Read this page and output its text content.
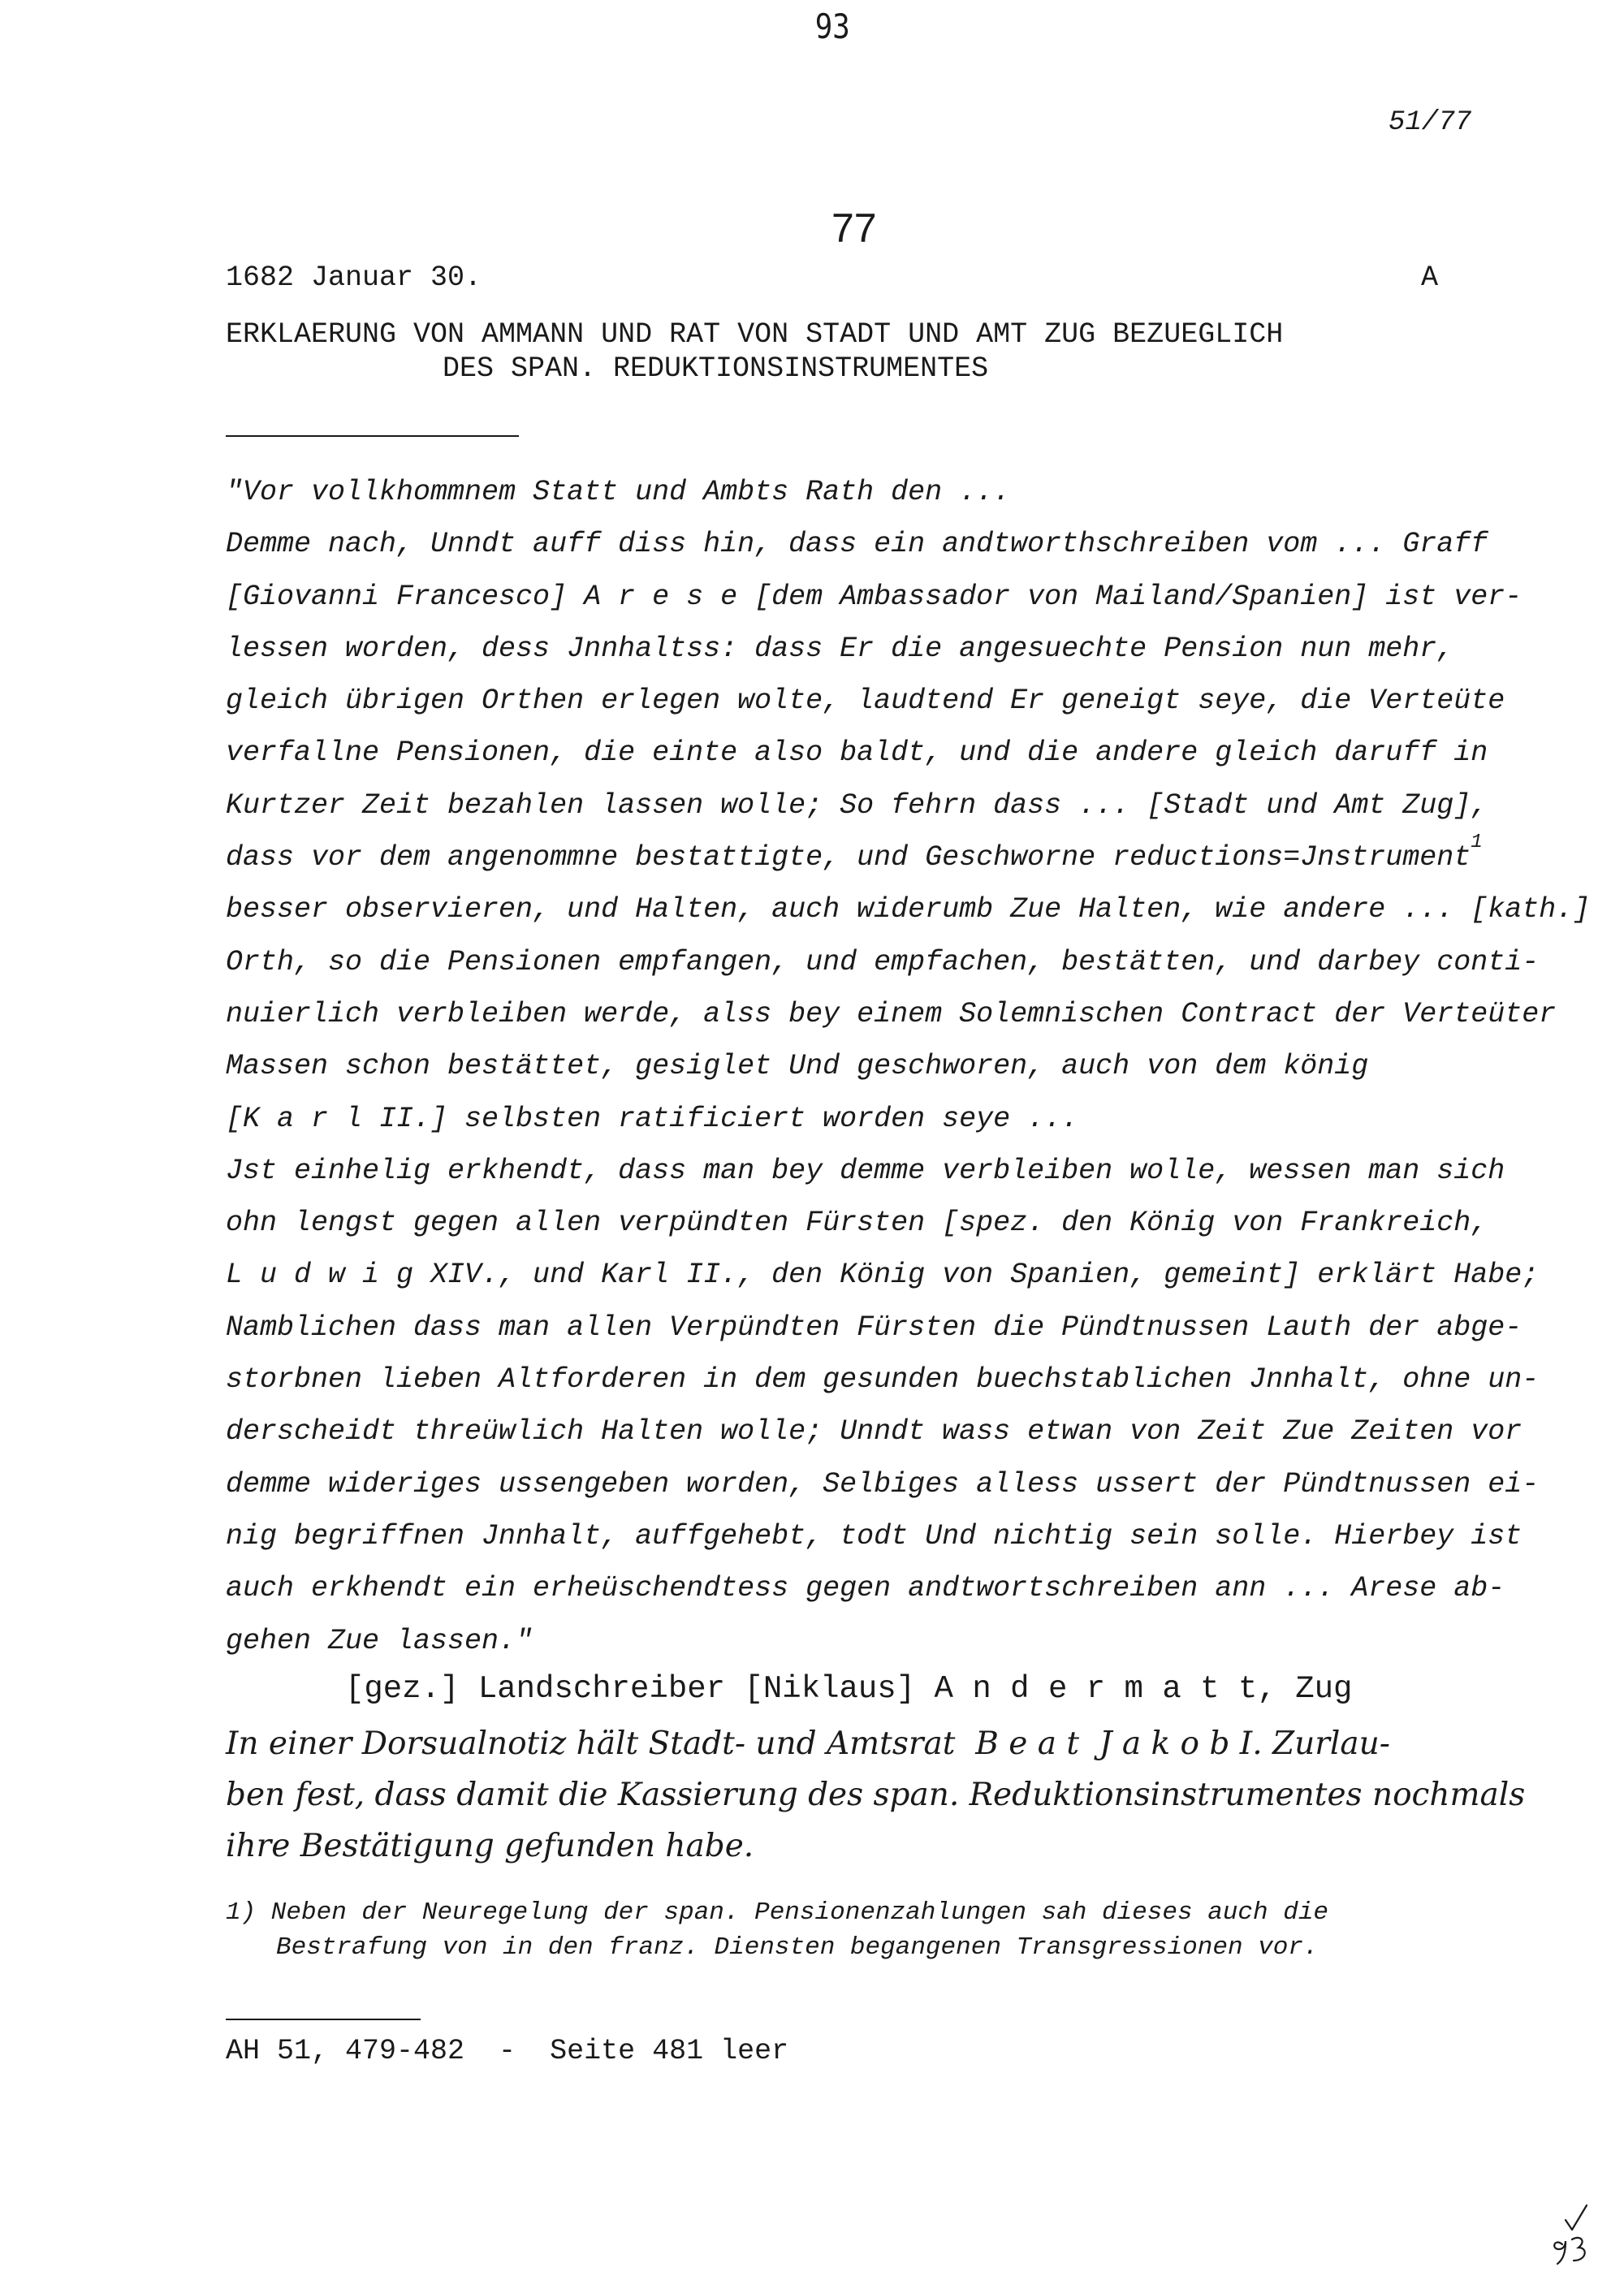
93
51/77
77
1682 Januar 30.	A
ERKLAERUNG VON AMMANN UND RAT VON STADT UND AMT ZUG BEZUEGLICH
DES SPAN. REDUKTIONSINSTRUMENTES
"Vor vollkhommnem Statt und Ambts Rath den ...
Demme nach, Unndt auff diss hin, dass ein andtworthschreiben vom ... Graff
[Giovanni Francesco] A r e s e [dem Ambassador von Mailand/Spanien] ist ver-
lessen worden, dess Jnnhaltss: dass Er die angesuechte Pension nun mehr,
gleich übrigen Orthen erlegen wolte, laudtend Er geneigt seye, die Verteüte
verfallne Pensionen, die einte also baldt, und die andere gleich daruff in
Kurtzer Zeit bezahlen lassen wolle; So fehrn dass ... [Stadt und Amt Zug],
dass vor dem angenommne bestattigte, und Geschworne reductions=Jnstrument$^1$
besser observieren, und Halten, auch widerumb Zue Halten, wie andere ... [kath.]
Orth, so die Pensionen empfangen, und empfachen, bestätten, und darbey conti-
nuierlich verbleiben werde, alss bey einem Solemnischen Contract der Verteüter
Massen schon bestättet, gesiglet Und geschworen, auch von dem könig
[K a r l II.] selbsten ratificiert worden seye ...
Jst einhelig erkhendt, dass man bey demme verbleiben wolle, wessen man sich
ohn lengst gegen allen verpündten Fürsten [spez. den König von Frankreich,
L u d w i g XIV., und Karl II., den König von Spanien, gemeint] erklärt Habe;
Namblichen dass man allen Verpündten Fürsten die Pündtnussen Lauth der abge-
storbnen lieben Altforderen in dem gesunden buechstablichen Jnnhalt, ohne un-
derscheidt threüwlich Halten wolle; Unndt wass etwan von Zeit Zue Zeiten vor
demme wideriges ussengeben worden, Selbiges alless ussert der Pündtnussen ei-
nig begriffnen Jnnhalt, auffgehebt, todt Und nichtig sein solle. Hierbey ist
auch erkhendt ein erheüschendtess gegen andtwortschreiben ann ... Arese ab-
gehen Zue lassen."
[gez.] Landschreiber [Niklaus] A n d e r m a t t, Zug
In einer Dorsualnotiz hält Stadt- und Amtsrat  B e a t  J a k o b I. Zurlau-
ben fest, dass damit die Kassierung des span. Reduktionsinstrumentes nochmals
ihre Bestätigung gefunden habe.
1) Neben der Neuregelung der span. Pensionenzahlungen sah dieses auch die
Bestrafung von in den franz. Diensten begangenen Transgressionen vor.
AH 51, 479-482  -  Seite 481 leer
